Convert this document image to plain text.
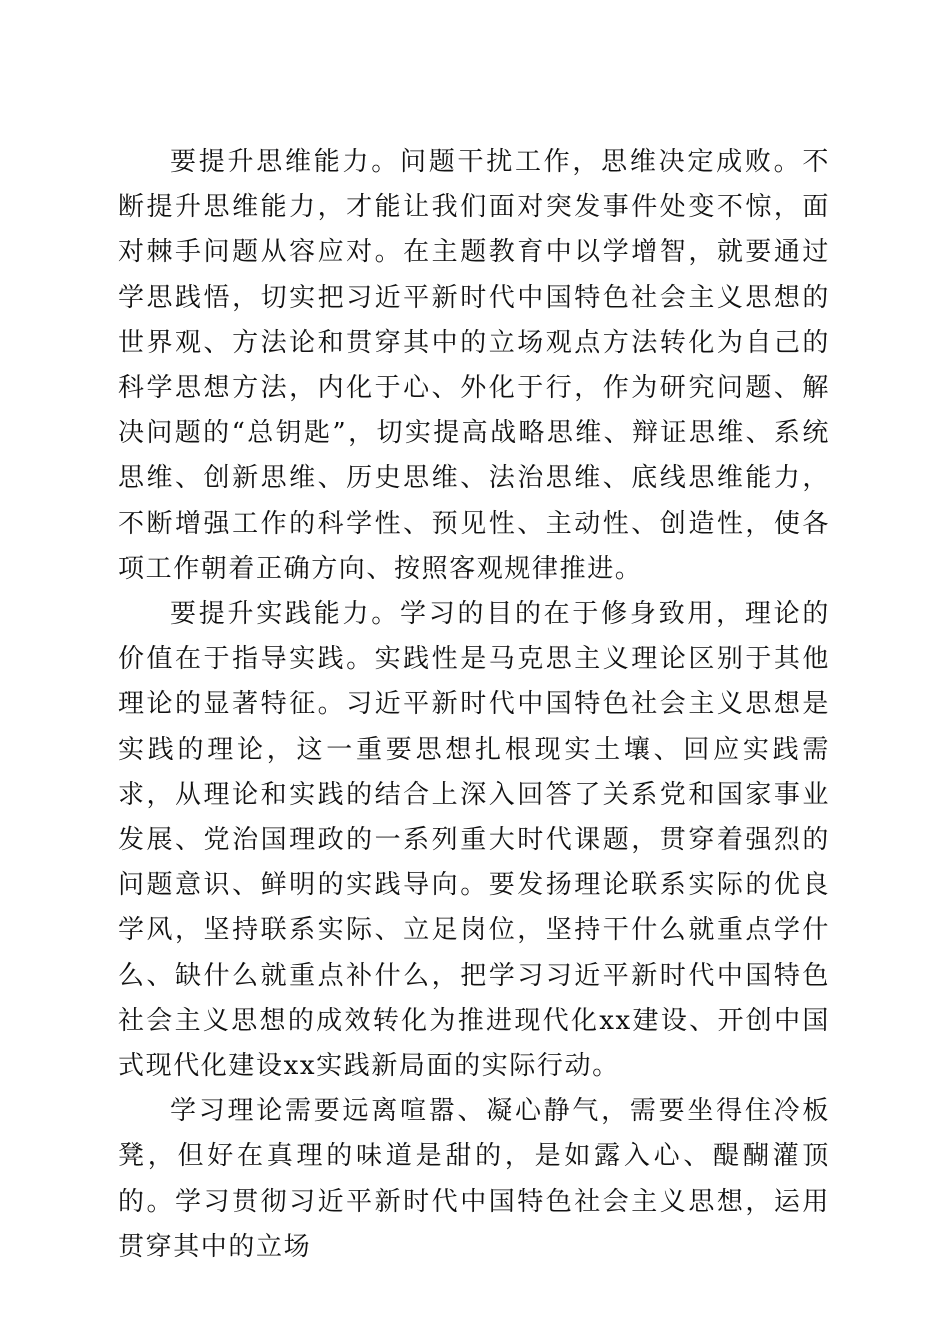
要提升思维能力。问题干扰工作，思维决定成败。不断提升思维能力，才能让我们面对突发事件处变不惊，面对棘手问题从容应对。在主题教育中以学增智，就要通过学思践悟，切实把习近平新时代中国特色社会主义思想的世界观、方法论和贯穿其中的立场观点方法转化为自己的科学思想方法，内化于心、外化于行，作为研究问题、解决问题的“总钥匙”，切实提高战略思维、辩证思维、系统思维、创新思维、历史思维、法治思维、底线思维能力，不断增强工作的科学性、预见性、主动性、创造性，使各项工作朝着正确方向、按照客观规律推进。

要提升实践能力。学习的目的在于修身致用，理论的价值在于指导实践。实践性是马克思主义理论区别于其他理论的显著特征。习近平新时代中国特色社会主义思想是实践的理论，这一重要思想扎根现实土壤、回应实践需求，从理论和实践的结合上深入回答了关系党和国家事业发展、党治国理政的一系列重大时代课题，贯穿着强烈的问题意识、鲜明的实践导向。要发扬理论联系实际的优良学风，坚持联系实际、立足岗位，坚持干什么就重点学什么、缺什么就重点补什么，把学习习近平新时代中国特色社会主义思想的成效转化为推进现代化xx建设、开创中国式现代化建设xx实践新局面的实际行动。

学习理论需要远离喧嚣、凝心静气，需要坐得住冷板凳，但好在真理的味道是甜的，是如露入心、醍醐灌顶的。学习贯彻习近平新时代中国特色社会主义思想，运用贯穿其中的立场
